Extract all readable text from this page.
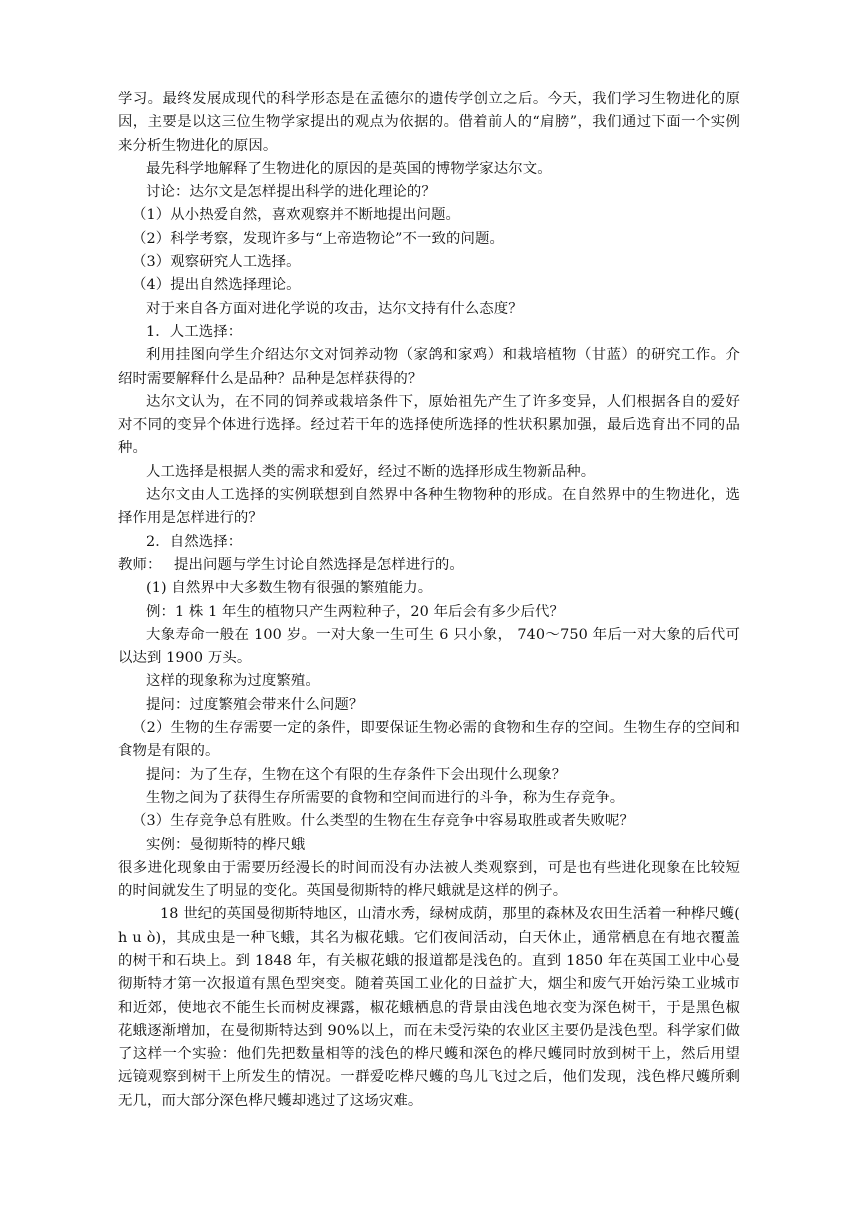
学习。最终发展成现代的科学形态是在孟德尔的遗传学创立之后。今天，我们学习生物进化的原因，主要是以这三位生物学家提出的观点为依据的。借着前人的“肩膀”，我们通过下面一个实例来分析生物进化的原因。

最先科学地解释了生物进化的原因的是英国的博物学家达尔文。

讨论：达尔文是怎样提出科学的进化理论的？

（1）从小热爱自然，喜欢观察并不断地提出问题。

（2）科学考察，发现许多与“上帝造物论”不一致的问题。

（3）观察研究人工选择。

（4）提出自然选择理论。

对于来自各方面对进化学说的攻击，达尔文持有什么态度？

1．人工选择：

利用挂图向学生介绍达尔文对饲养动物（家鸽和家鸡）和栽培植物（甘蓝）的研究工作。介绍时需要解释什么是品种？品种是怎样获得的？

达尔文认为，在不同的饲养或栽培条件下，原始祖先产生了许多变异，人们根据各自的爱好对不同的变异个体进行选择。经过若干年的选择使所选择的性状积累加强，最后选育出不同的品种。

人工选择是根据人类的需求和爱好，经过不断的选择形成生物新品种。

达尔文由人工选择的实例联想到自然界中各种生物物种的形成。在自然界中的生物进化，选择作用是怎样进行的？

2．自然选择：

教师： 提出问题与学生讨论自然选择是怎样进行的。

(1) 自然界中大多数生物有很强的繁殖能力。

例：1 株 1 年生的植物只产生两粒种子，20 年后会有多少后代？

大象寿命一般在 100 岁。一对大象一生可生 6 只小象， 740～750 年后一对大象的后代可以达到 1900 万头。

这样的现象称为过度繁殖。

提问：过度繁殖会带来什么问题？

（2）生物的生存需要一定的条件，即要保证生物必需的食物和生存的空间。生物生存的空间和食物是有限的。

提问：为了生存，生物在这个有限的生存条件下会出现什么现象？

生物之间为了获得生存所需要的食物和空间而进行的斗争，称为生存竞争。

（3）生存竞争总有胜败。什么类型的生物在生存竞争中容易取胜或者失败呢？

实例：曼彻斯特的桦尺蛾

很多进化现象由于需要历经漫长的时间而没有办法被人类观察到，可是也有些进化现象在比较短的时间就发生了明显的变化。英国曼彻斯特的桦尺蛾就是这样的例子。

18 世纪的英国曼彻斯特地区，山清水秀，绿树成荫，那里的森林及农田生活着一种桦尺蠖( h u ò)，其成虫是一种飞蛾，其名为椒花蛾。它们夜间活动，白天休止，通常栖息在有地衣覆盖的树干和石块上。到 1848 年，有关椒花蛾的报道都是浅色的。直到 1850 年在英国工业中心曼彻斯特才第一次报道有黑色型突变。随着英国工业化的日益扩大，烟尘和废气开始污染工业城市和近郊，使地衣不能生长而树皮裸露，椒花蛾栖息的背景由浅色地衣变为深色树干，于是黑色椒花蛾逐渐增加，在曼彻斯特达到 90%以上，而在未受污染的农业区主要仍是浅色型。科学家们做了这样一个实验：他们先把数量相等的浅色的桦尺蠖和深色的桦尺蠖同时放到树干上，然后用望远镜观察到树干上所发生的情况。一群爱吃桦尺蠖的鸟儿飞过之后，他们发现，浅色桦尺蠖所剩无几，而大部分深色桦尺蠖却逃过了这场灾难。
